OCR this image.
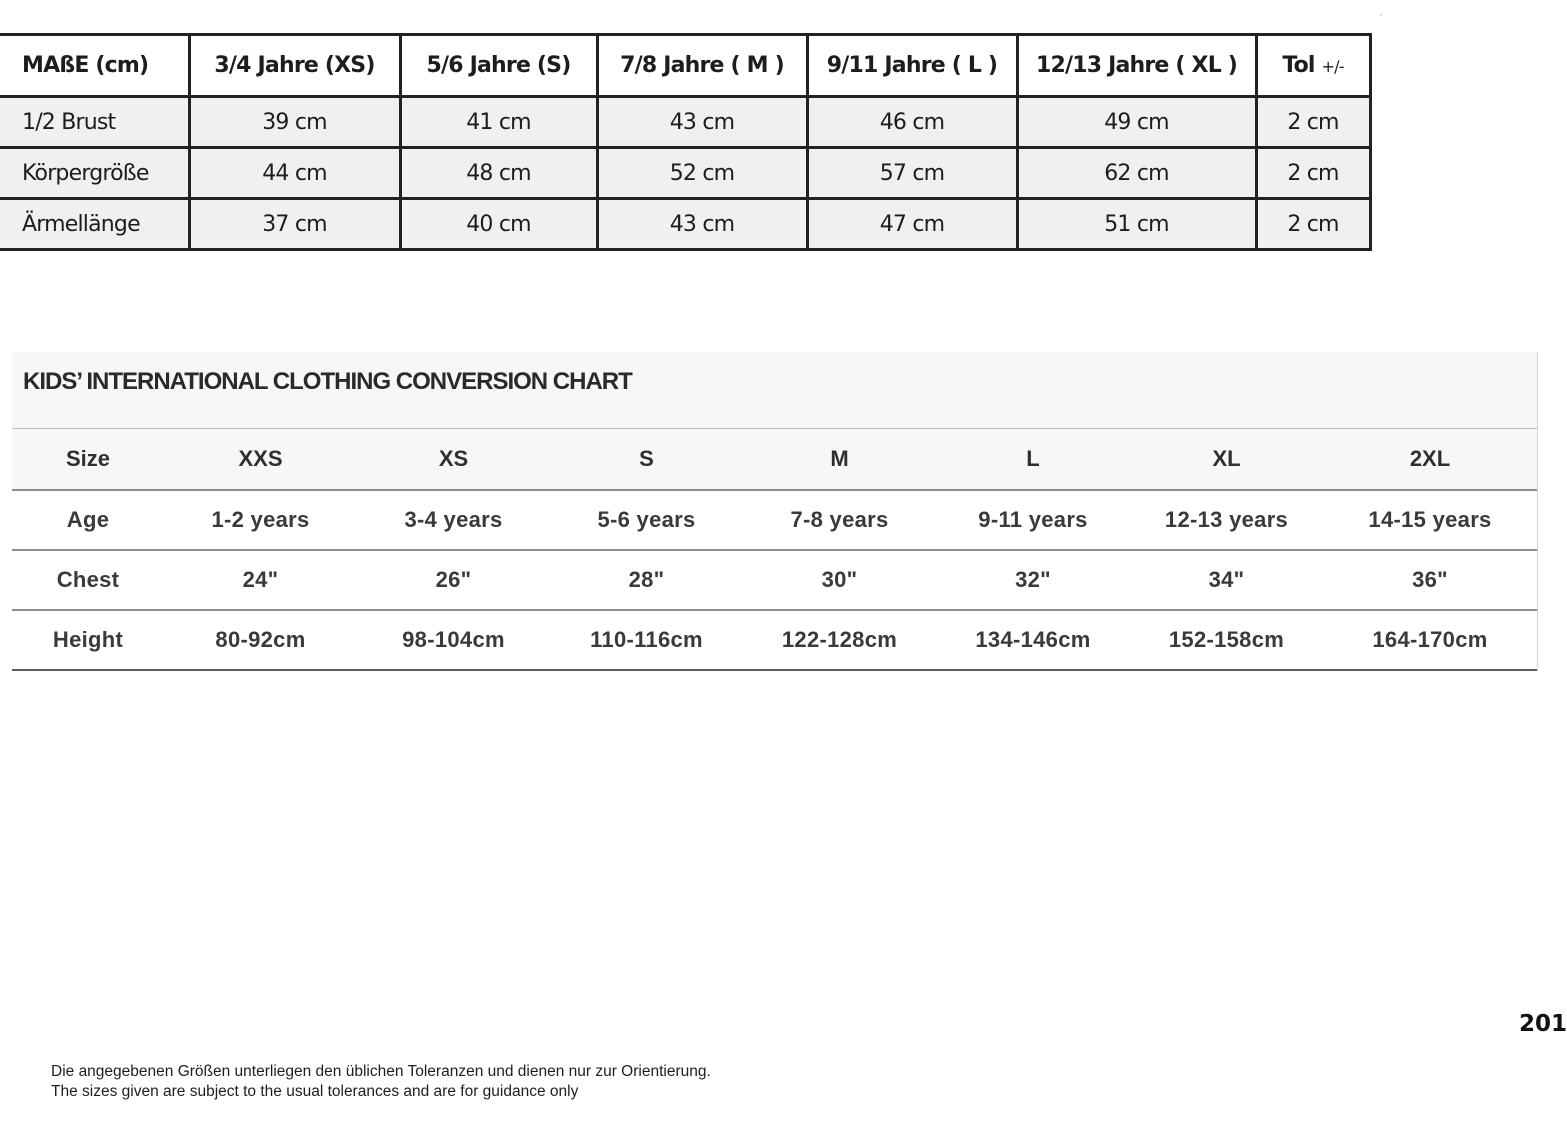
MAßE (cm)	3/4 Jahre (XS)	5/6 Jahre (S)	7/8 Jahre ( M )	9/11 Jahre ( L )	12/13 Jahre ( XL )	Tol +/-
1/2 Brust	39 cm	41 cm	43 cm	46 cm	49 cm	2 cm
Körpergröße	44 cm	48 cm	52 cm	57 cm	62 cm	2 cm
Ärmellänge	37 cm	40 cm	43 cm	47 cm	51 cm	2 cm
KIDS’ INTERNATIONAL CLOTHING CONVERSION CHART
Size	XXS	XS	S	M	L	XL	2XL
Age	1-2 years	3-4 years	5-6 years	7-8 years	9-11 years	12-13 years	14-15 years
Chest	24"	26"	28"	30"	32"	34"	36"
Height	80-92cm	98-104cm	110-116cm	122-128cm	134-146cm	152-158cm	164-170cm
201
Die angegebenen Größen unterliegen den üblichen Toleranzen und dienen nur zur Orientierung.
The sizes given are subject to the usual tolerances and are for guidance only
